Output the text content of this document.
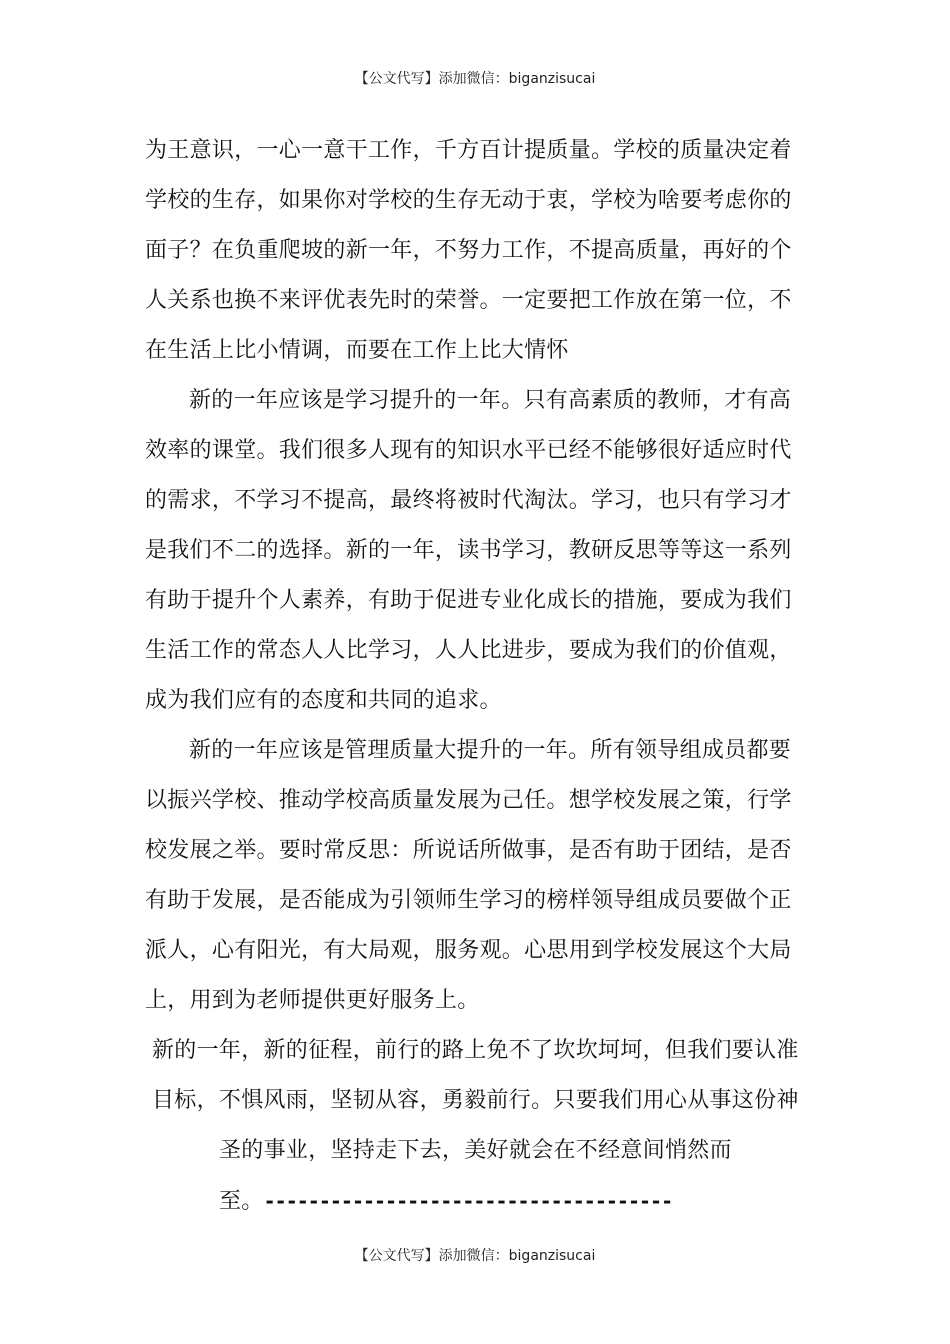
【公文代写】添加微信：biganzisucai
为王意识，一心一意干工作，千方百计提质量。学校的质量决定着
学校的生存，如果你对学校的生存无动于衷，学校为啥要考虑你的
面子？在负重爬坡的新一年，不努力工作，不提高质量，再好的个
人关系也换不来评优表先时的荣誉。一定要把工作放在第一位，不
在生活上比小情调，而要在工作上比大情怀
新的一年应该是学习提升的一年。只有高素质的教师，才有高
效率的课堂。我们很多人现有的知识水平已经不能够很好适应时代
的需求，不学习不提高，最终将被时代淘汰。学习，也只有学习才
是我们不二的选择。新的一年，读书学习，教研反思等等这一系列
有助于提升个人素养，有助于促进专业化成长的措施，要成为我们
生活工作的常态人人比学习，人人比进步，要成为我们的价值观，
成为我们应有的态度和共同的追求。
新的一年应该是管理质量大提升的一年。所有领导组成员都要
以振兴学校、推动学校高质量发展为己任。想学校发展之策，行学
校发展之举。要时常反思：所说话所做事，是否有助于团结，是否
有助于发展，是否能成为引领师生学习的榜样领导组成员要做个正
派人，心有阳光，有大局观，服务观。心思用到学校发展这个大局
上，用到为老师提供更好服务上。
新的一年，新的征程，前行的路上免不了坎坎坷坷，但我们要认准
目标，不惧风雨，坚韧从容，勇毅前行。只要我们用心从事这份神
圣的事业，坚持走下去，美好就会在不经意间悄然而
至。-------------------------------------
【公文代写】添加微信：biganzisucai
